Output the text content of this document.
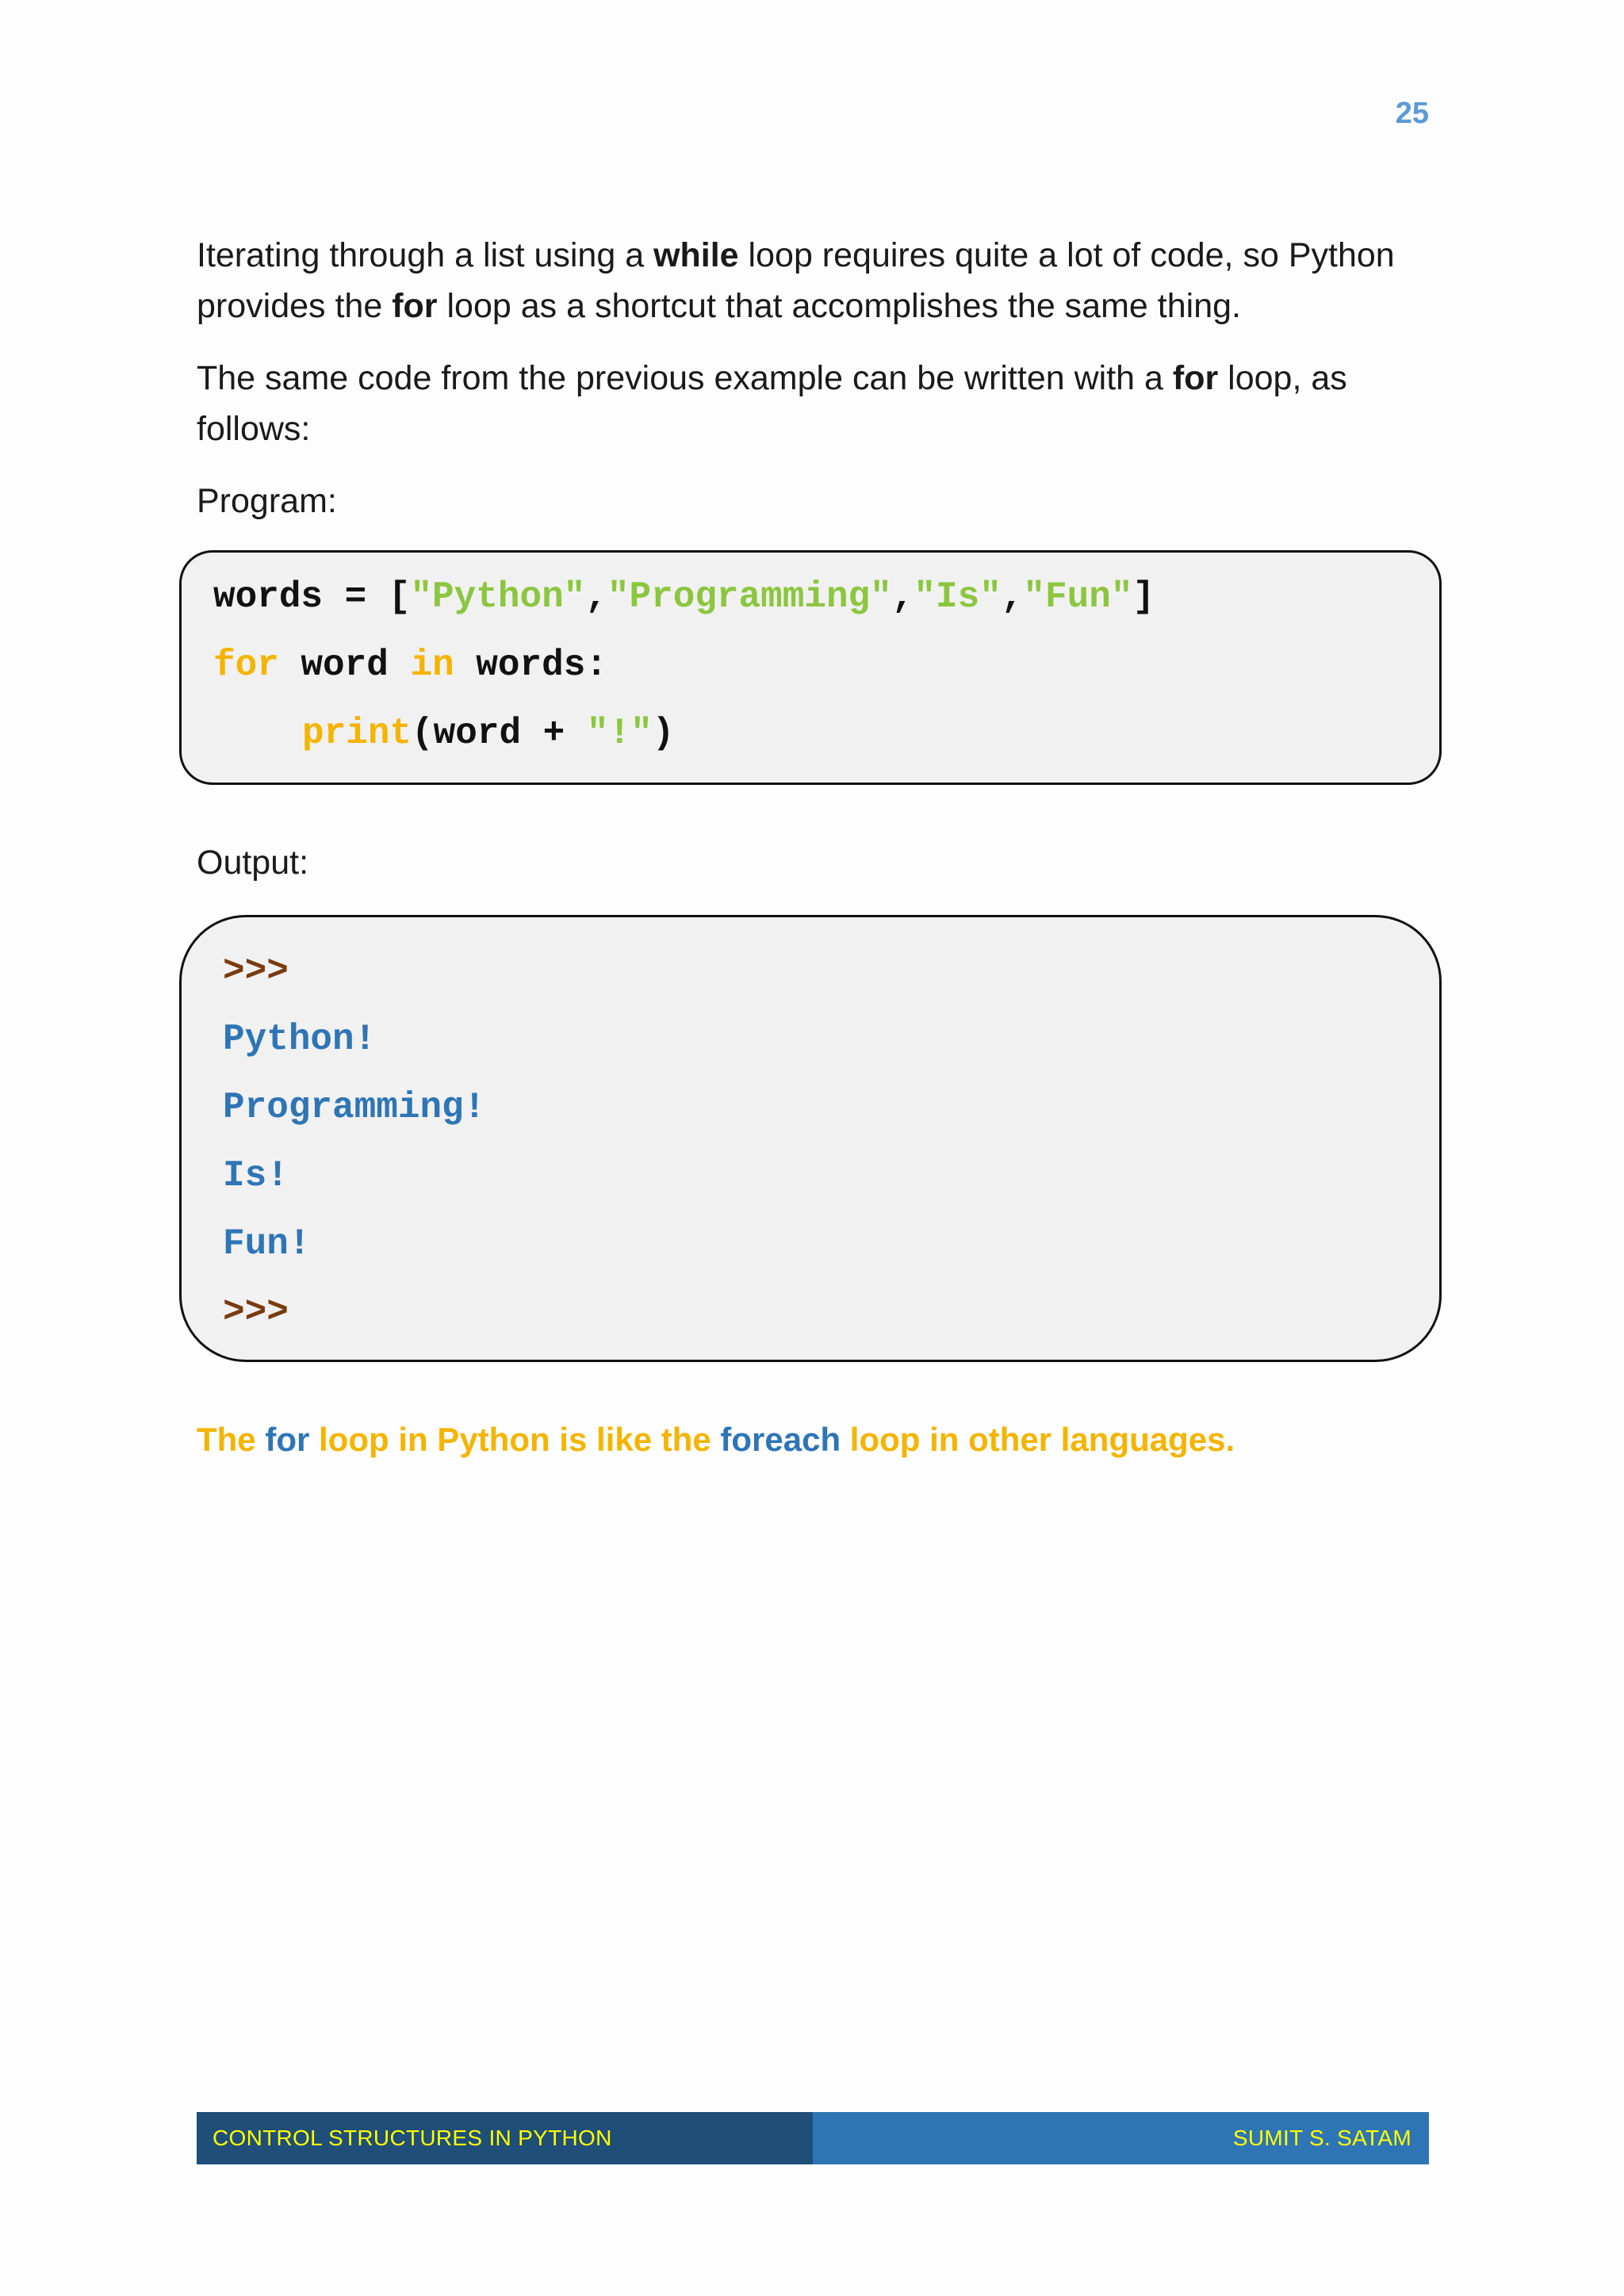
25

Iterating through a list using a while loop requires quite a lot of code, so Python provides the for loop as a shortcut that accomplishes the same thing.

The same code from the previous example can be written with a for loop, as follows:

Program:

words = ["Python","Programming","Is","Fun"]
for word in words:
print(word + "!")

Output:

>>>
Python!
Programming!
Is!
Fun!
>>>
The for loop in Python is like the foreach loop in other languages.
CONTROL STRUCTURES IN PYTHON	SUMIT S. SATAM
